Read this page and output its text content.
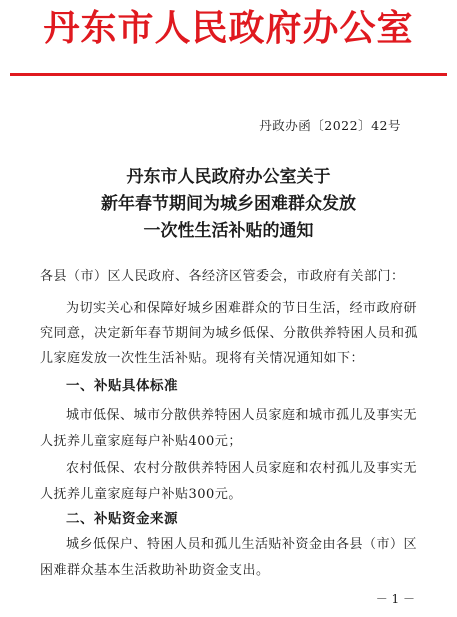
丹东市人民政府办公室
丹政办函〔2022〕42号
丹东市人民政府办公室关于
新年春节期间为城乡困难群众发放
一次性生活补贴的通知
各县（市）区人民政府、各经济区管委会，市政府有关部门：
为切实关心和保障好城乡困难群众的节日生活，经市政府研
究同意，决定新年春节期间为城乡低保、分散供养特困人员和孤
儿家庭发放一次性生活补贴。现将有关情况通知如下：
一、补贴具体标准
城市低保、城市分散供养特困人员家庭和城市孤儿及事实无
人抚养儿童家庭每户补贴400元；
农村低保、农村分散供养特困人员家庭和农村孤儿及事实无
人抚养儿童家庭每户补贴300元。
二、补贴资金来源
城乡低保户、特困人员和孤儿生活贴补资金由各县（市）区
困难群众基本生活救助补助资金支出。
－ 1 －
